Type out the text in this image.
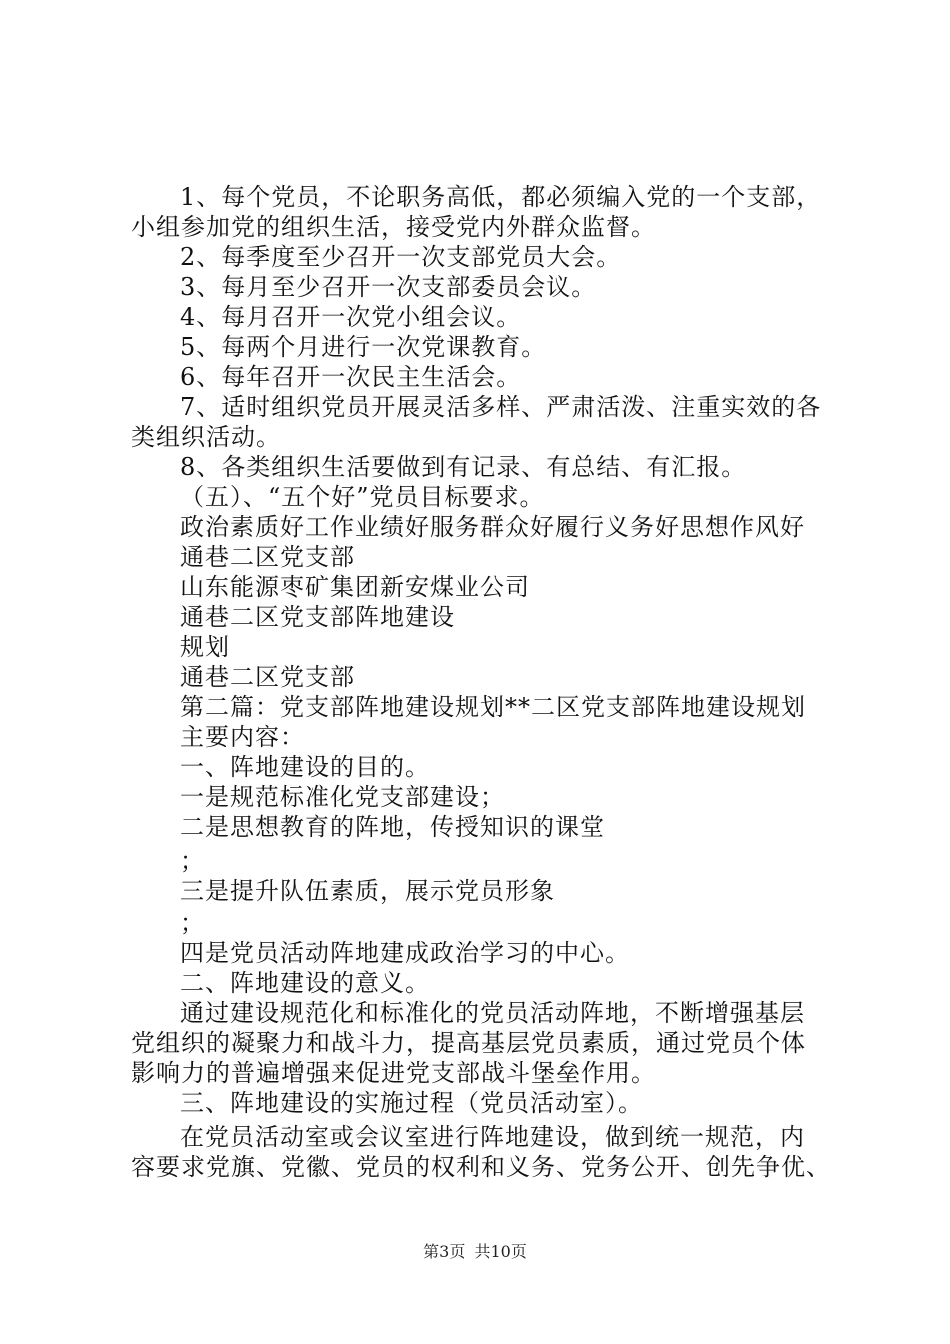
1、每个党员，不论职务高低，都必须编入党的一个支部，
小组参加党的组织生活，接受党内外群众监督。
2、每季度至少召开一次支部党员大会。
3、每月至少召开一次支部委员会议。
4、每月召开一次党小组会议。
5、每两个月进行一次党课教育。
6、每年召开一次民主生活会。
7、适时组织党员开展灵活多样、严肃活泼、注重实效的各
类组织活动。
8、各类组织生活要做到有记录、有总结、有汇报。
（五）、“五个好”党员目标要求。
政治素质好工作业绩好服务群众好履行义务好思想作风好
通巷二区党支部
山东能源枣矿集团新安煤业公司
通巷二区党支部阵地建设
规划
通巷二区党支部
第二篇：党支部阵地建设规划**二区党支部阵地建设规划
主要内容：
一、阵地建设的目的。
一是规范标准化党支部建设；
二是思想教育的阵地，传授知识的课堂
；
三是提升队伍素质，展示党员形象
；
四是党员活动阵地建成政治学习的中心。
二、阵地建设的意义。
通过建设规范化和标准化的党员活动阵地，不断增强基层
党组织的凝聚力和战斗力，提高基层党员素质，通过党员个体
影响力的普遍增强来促进党支部战斗堡垒作用。
三、阵地建设的实施过程（党员活动室）。
在党员活动室或会议室进行阵地建设，做到统一规范，内
容要求党旗、党徽、党员的权利和义务、党务公开、创先争优、
第3页 共10页
